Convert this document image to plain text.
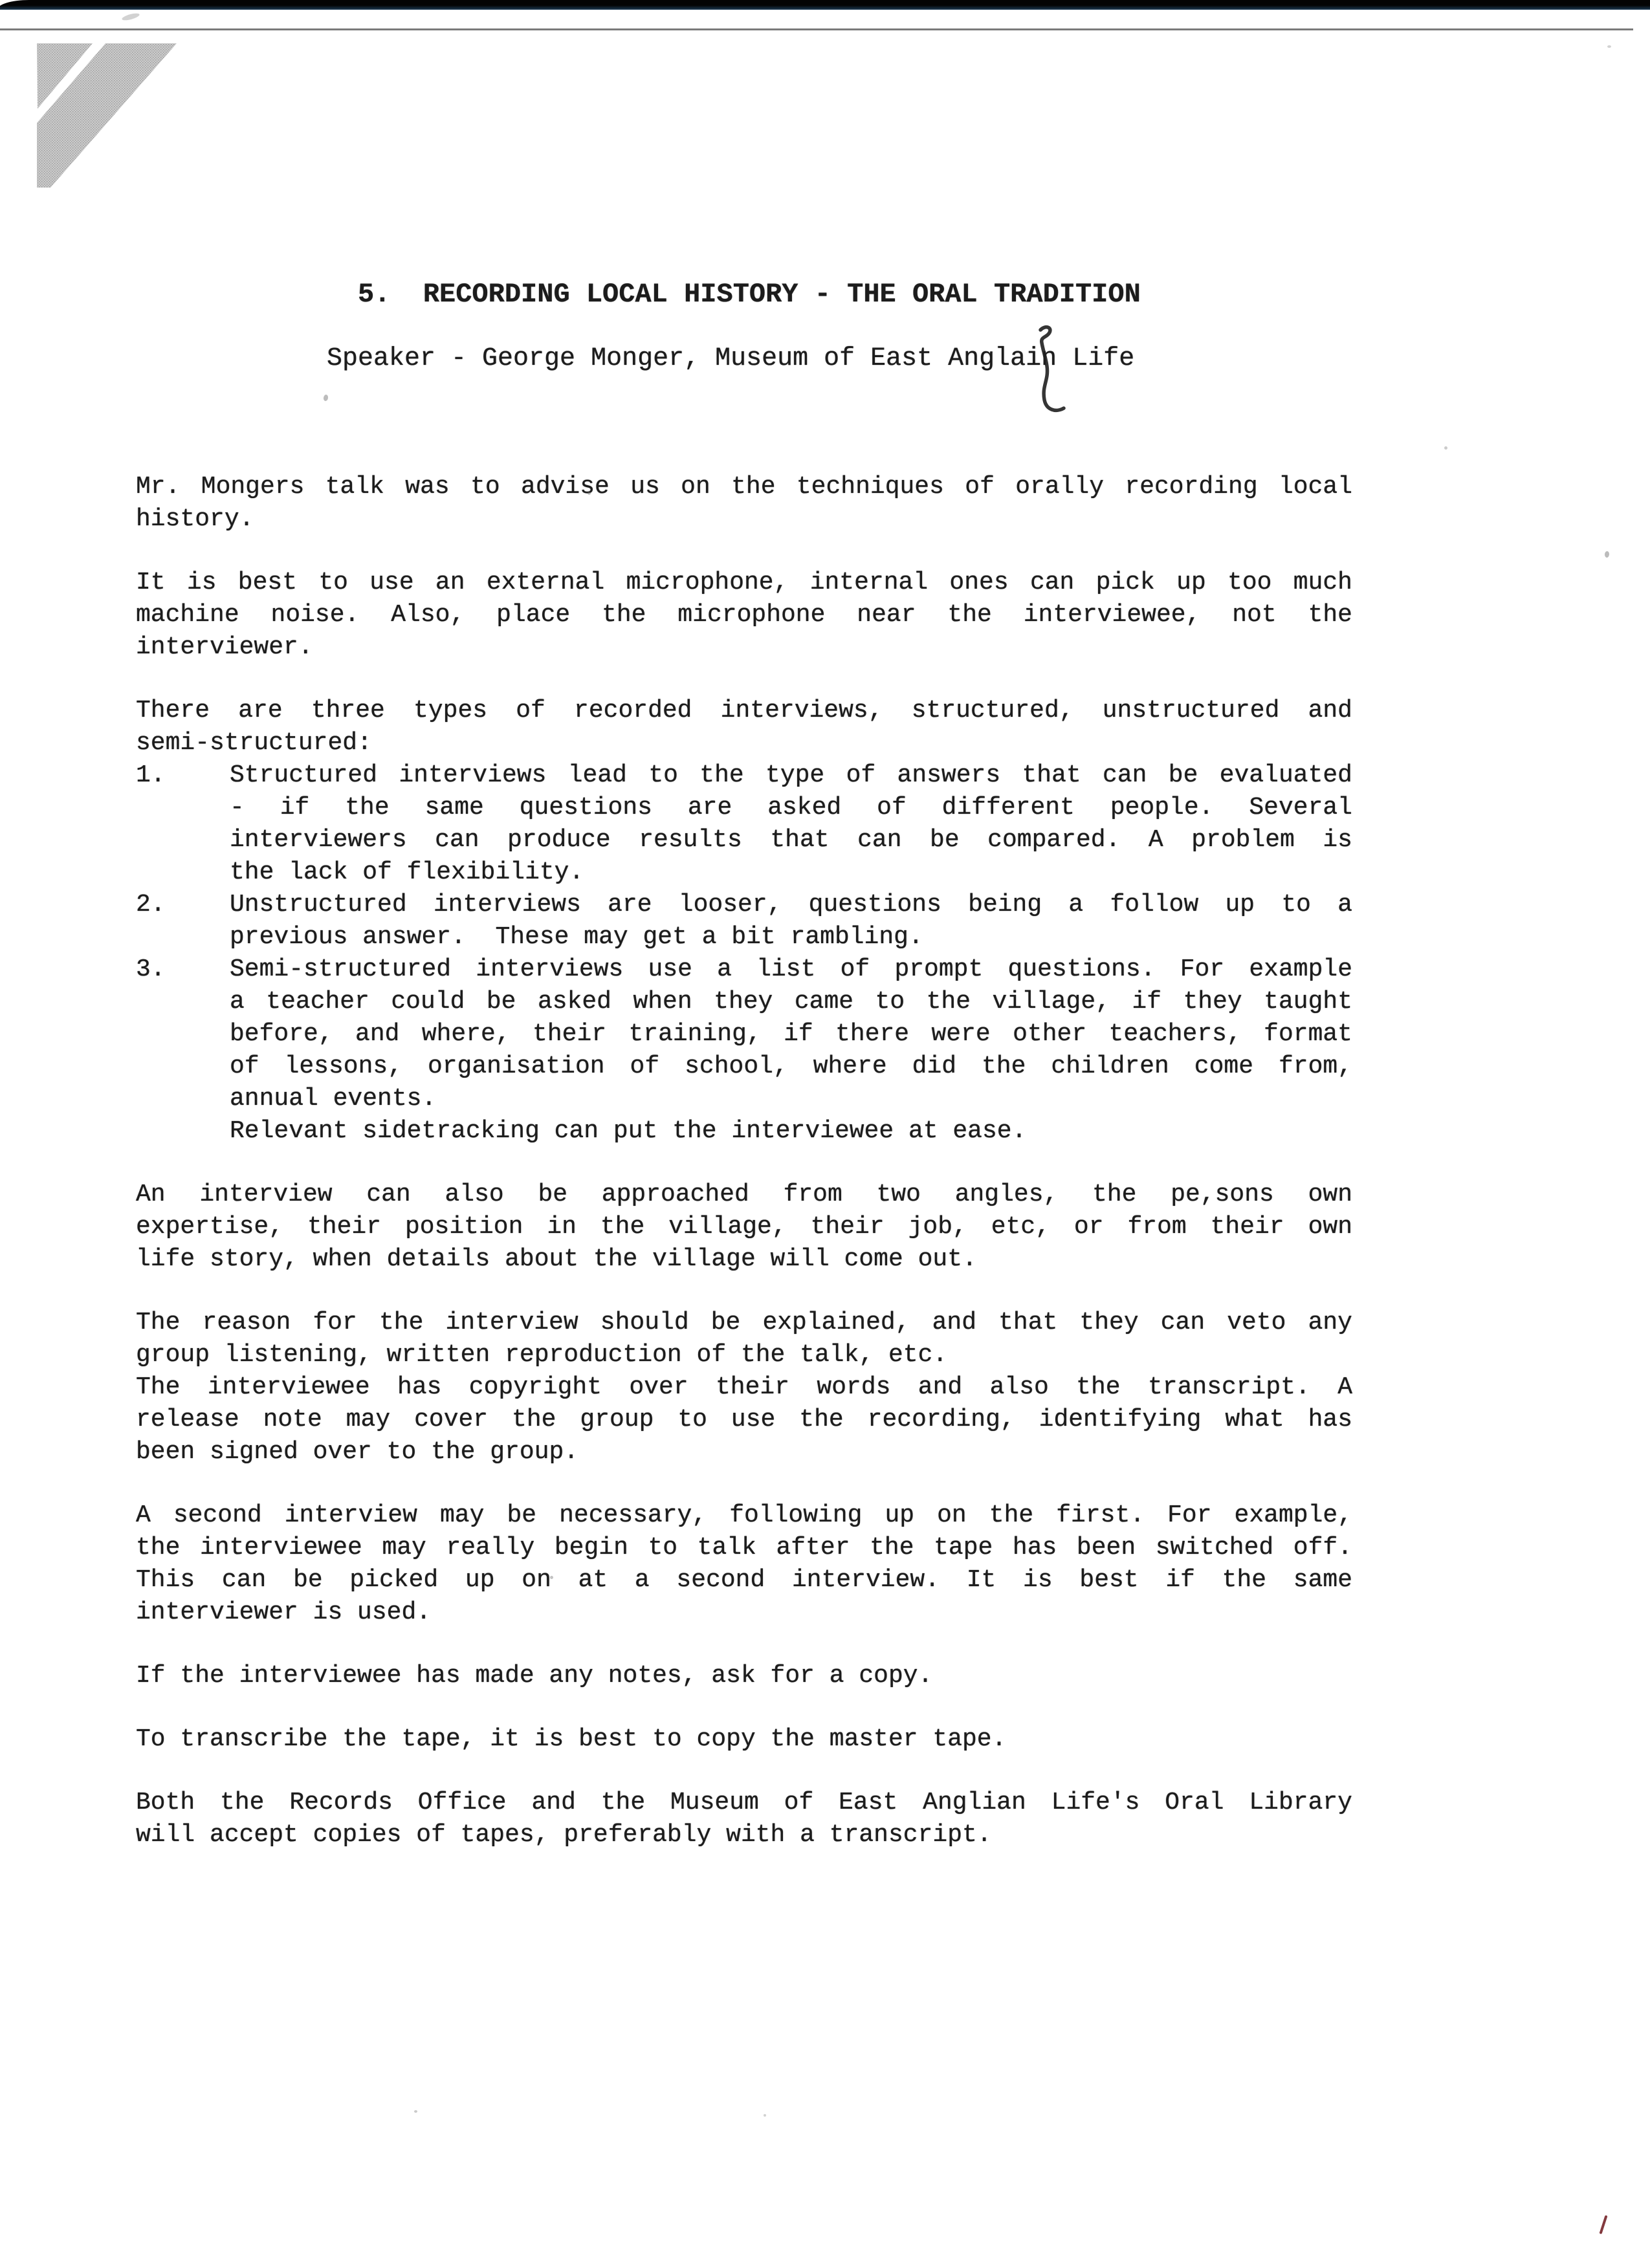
5.  RECORDING LOCAL HISTORY - THE ORAL TRADITION
Speaker - George Monger, Museum of East Anglain Life
Mr. Mongers talk was to advise us on the techniques of orally recording local
history.
It is best to use an external microphone, internal ones can pick up too much
machine noise. Also, place the microphone near the interviewee, not the
interviewer.
There are three types of recorded interviews, structured, unstructured and
semi-structured:
1.	Structured interviews lead to the type of answers that can be evaluated
- if the same questions are asked of different people. Several
interviewers can produce results that can be compared. A problem is
the lack of flexibility.
2.	Unstructured interviews are looser, questions being a follow up to a
previous answer.  These may get a bit rambling.
3.	Semi-structured interviews use a list of prompt questions. For example
a teacher could be asked when they came to the village, if they taught
before, and where, their training, if there were other teachers, format
of lessons, organisation of school, where did the children come from,
annual events.
Relevant sidetracking can put the interviewee at ease.
An interview can also be approached from two angles, the pe,sons own
expertise, their position in the village, their job, etc, or from their own
life story, when details about the village will come out.
The reason for the interview should be explained, and that they can veto any
group listening, written reproduction of the talk, etc.
The interviewee has copyright over their words and also the transcript. A
release note may cover the group to use the recording, identifying what has
been signed over to the group.
A second interview may be necessary, following up on the first. For example,
the interviewee may really begin to talk after the tape has been switched off.
This can be picked up on at a second interview. It is best if the same
interviewer is used.
If the interviewee has made any notes, ask for a copy.
To transcribe the tape, it is best to copy the master tape.
Both the Records Office and the Museum of East Anglian Life's Oral Library
will accept copies of tapes, preferably with a transcript.
